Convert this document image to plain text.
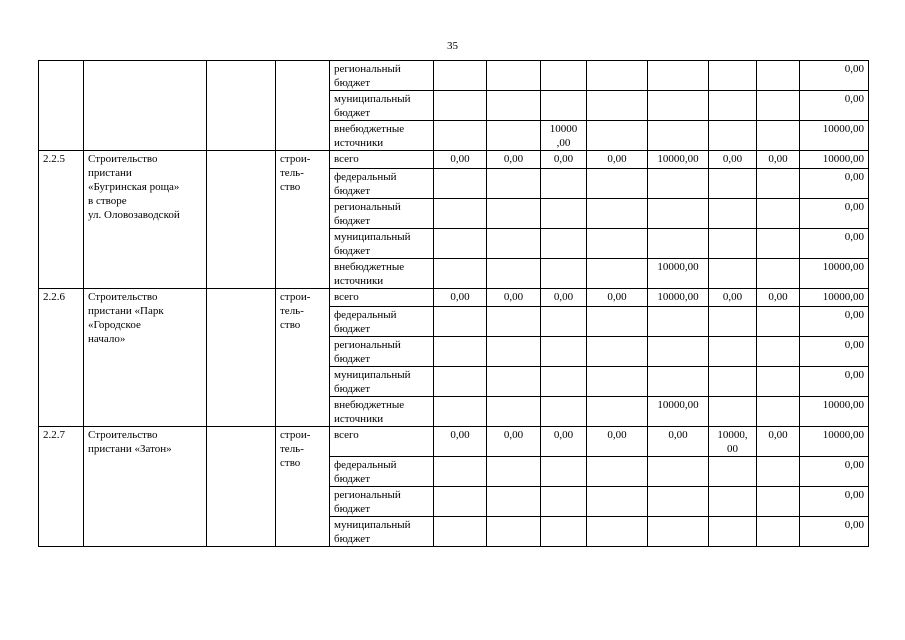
35
				региональный
бюджет								0,00
				муниципальный
бюджет								0,00
				внебюджетные
источники			10000
,00					10000,00
2.2.5	Строительство
пристани
«Бугринская роща»
в створе
ул. Оловозаводской		строи-
тель-
ство	всего	0,00	0,00	0,00	0,00	10000,00	0,00	0,00	10000,00
				федеральный
бюджет								0,00
				региональный
бюджет								0,00
				муниципальный
бюджет								0,00
				внебюджетные
источники					10000,00			10000,00
2.2.6	Строительство
пристани «Парк
«Городское
начало»		строи-
тель-
ство	всего	0,00	0,00	0,00	0,00	10000,00	0,00	0,00	10000,00
				федеральный
бюджет								0,00
				региональный
бюджет								0,00
				муниципальный
бюджет								0,00
				внебюджетные
источники					10000,00			10000,00
2.2.7	Строительство
пристани «Затон»		строи-
тель-
ство	всего	0,00	0,00	0,00	0,00	0,00	10000,
00	0,00	10000,00
				федеральный
бюджет								0,00
				региональный
бюджет								0,00
				муниципальный
бюджет								0,00
